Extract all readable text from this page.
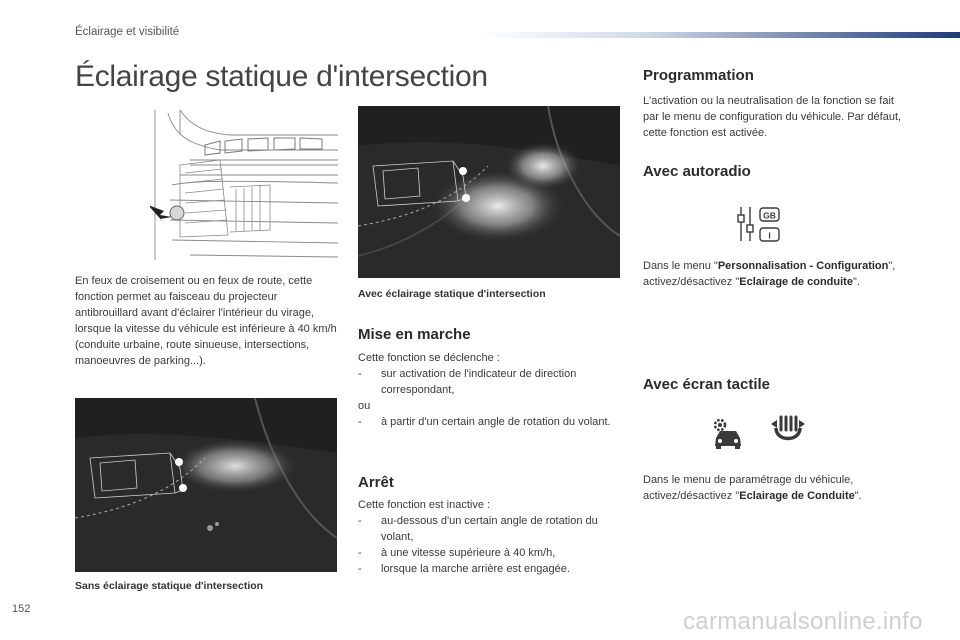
Éclairage et visibilité
Éclairage statique d'intersection
Avec éclairage statique d'intersection
En feux de croisement ou en feux de route, cette fonction permet au faisceau du projecteur antibrouillard avant d'éclairer l'intérieur du virage, lorsque la vitesse du véhicule est inférieure à 40 km/h (conduite urbaine, route sinueuse, intersections, manoeuvres de parking...).
Sans éclairage statique d'intersection
Mise en marche
Cette fonction se déclenche :
- sur activation de l'indicateur de direction correspondant,
ou
- à partir d'un certain angle de rotation du volant.
Arrêt
Cette fonction est inactive :
- au-dessous d'un certain angle de rotation du volant,
- à une vitesse supérieure à 40 km/h,
- lorsque la marche arrière est engagée.
Programmation
L'activation ou la neutralisation de la fonction se fait par le menu de configuration du véhicule. Par défaut, cette fonction est activée.
Avec autoradio
GB
I
Dans le menu "Personnalisation - Configuration", activez/désactivez "Eclairage de conduite".
Avec écran tactile
Dans le menu de paramétrage du véhicule, activez/désactivez "Eclairage de Conduite".
152	carmanualsonline.info
